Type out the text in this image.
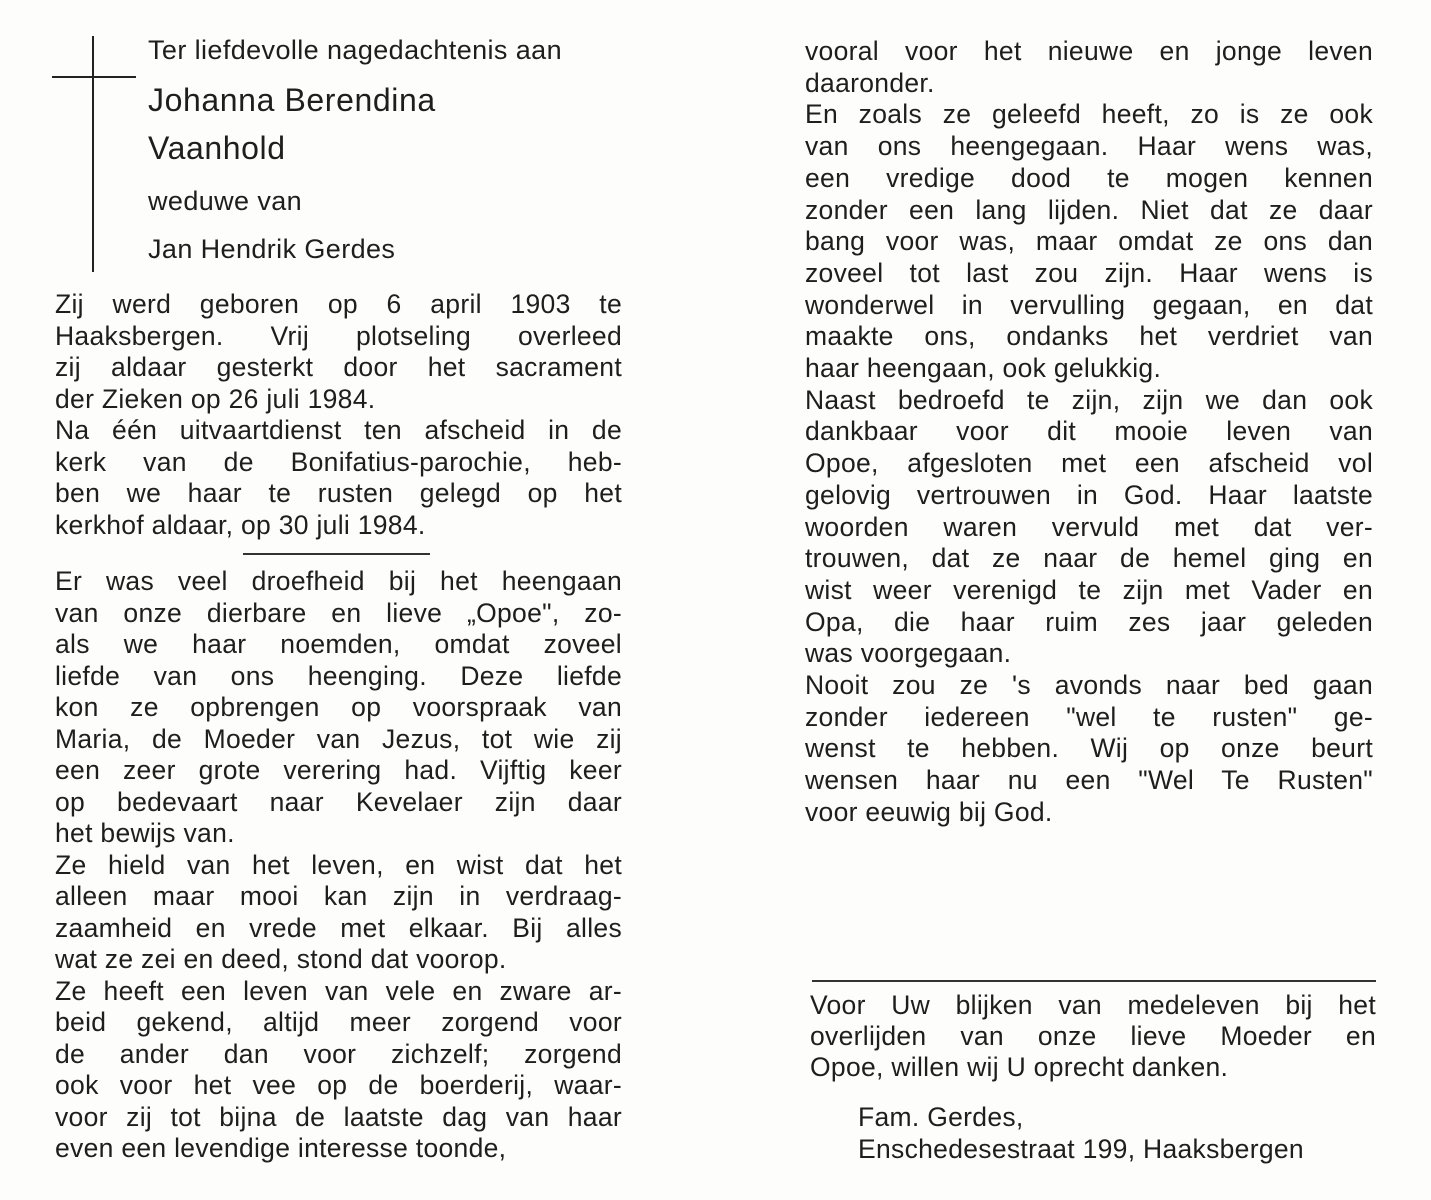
Ter liefdevolle nagedachtenis aan
Johanna Berendina
Vaanhold
weduwe van
Jan Hendrik Gerdes
Zij werd geboren op 6 april 1903 te
Haaksbergen. Vrij plotseling overleed
zij aldaar gesterkt door het sacrament
der Zieken op 26 juli 1984.
Na één uitvaartdienst ten afscheid in de
kerk van de Bonifatius-parochie, heb-
ben we haar te rusten gelegd op het
kerkhof aldaar, op 30 juli 1984.
Er was veel droefheid bij het heengaan
van onze dierbare en lieve „Opoe", zo-
als we haar noemden, omdat zoveel
liefde van ons heenging. Deze liefde
kon ze opbrengen op voorspraak van
Maria, de Moeder van Jezus, tot wie zij
een zeer grote verering had. Vijftig keer
op bedevaart naar Kevelaer zijn daar
het bewijs van.
Ze hield van het leven, en wist dat het
alleen maar mooi kan zijn in verdraag-
zaamheid en vrede met elkaar. Bij alles
wat ze zei en deed, stond dat voorop.
Ze heeft een leven van vele en zware ar-
beid gekend, altijd meer zorgend voor
de ander dan voor zichzelf; zorgend
ook voor het vee op de boerderij, waar-
voor zij tot bijna de laatste dag van haar
even een levendige interesse toonde,
vooral voor het nieuwe en jonge leven
daaronder.
En zoals ze geleefd heeft, zo is ze ook
van ons heengegaan. Haar wens was,
een vredige dood te mogen kennen
zonder een lang lijden. Niet dat ze daar
bang voor was, maar omdat ze ons dan
zoveel tot last zou zijn. Haar wens is
wonderwel in vervulling gegaan, en dat
maakte ons, ondanks het verdriet van
haar heengaan, ook gelukkig.
Naast bedroefd te zijn, zijn we dan ook
dankbaar voor dit mooie leven van
Opoe, afgesloten met een afscheid vol
gelovig vertrouwen in God. Haar laatste
woorden waren vervuld met dat ver-
trouwen, dat ze naar de hemel ging en
wist weer verenigd te zijn met Vader en
Opa, die haar ruim zes jaar geleden
was voorgegaan.
Nooit zou ze 's avonds naar bed gaan
zonder iedereen "wel te rusten" ge-
wenst te hebben. Wij op onze beurt
wensen haar nu een "Wel Te Rusten"
voor eeuwig bij God.
Voor Uw blijken van medeleven bij het
overlijden van onze lieve Moeder en
Opoe, willen wij U oprecht danken.
Fam. Gerdes,
Enschedesestraat 199, Haaksbergen
